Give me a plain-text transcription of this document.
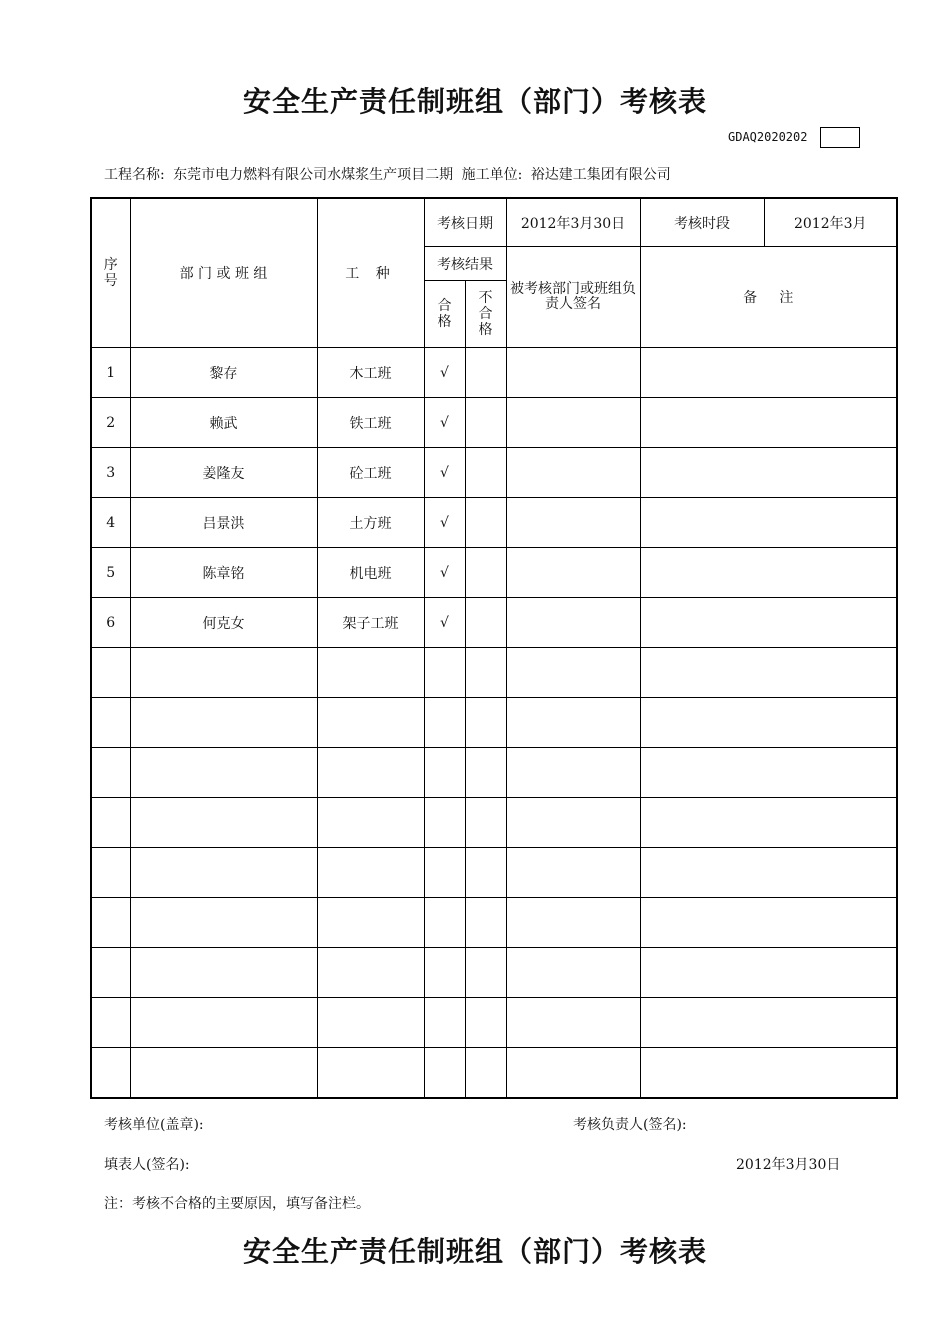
安全生产责任制班组（部门）考核表
GDAQ2020202
工程名称: 东莞市电力燃料有限公司水煤浆生产项目二期 施工单位: 裕达建工集团有限公司
序号	部 门 或 班 组	工 种	考核日期		2012年3月30日	考核时段	2012年3月
			考核结果		被考核部门或班组负责人签名	备     注	
			合格	不合格			
1	黎存	木工班	√				
2	赖武	铁工班	√				
3	姜隆友	砼工班	√				
4	吕景洪	土方班	√				
5	陈章铭	机电班	√				
6	何克女	架子工班	√				

考核单位(盖章):	考核负责人(签名):
填表人(签名):	2012年3月30日
注：考核不合格的主要原因，填写备注栏。
安全生产责任制班组（部门）考核表
